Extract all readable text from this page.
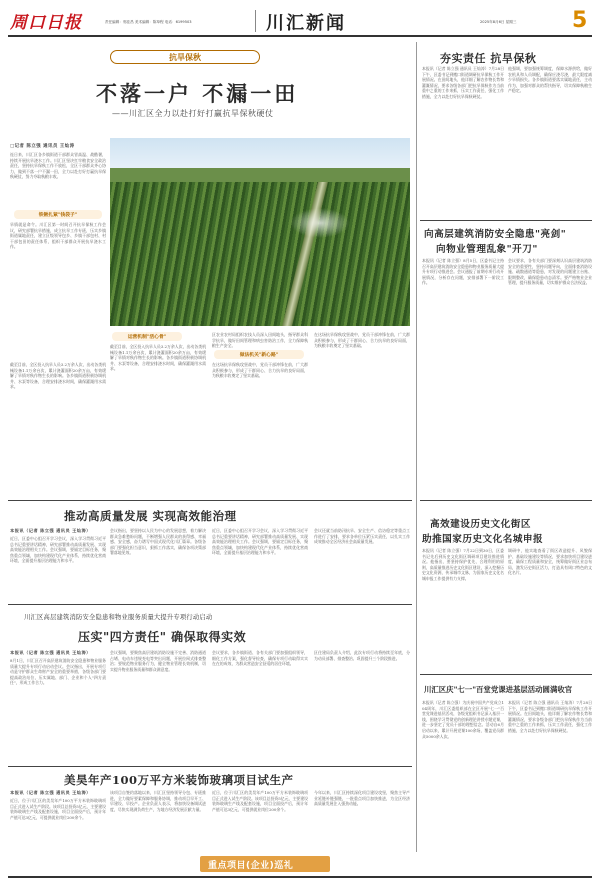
周口日报	责任编辑：郭佳昌 美术编辑：陈草程 电话：6199503	川汇新闻	2025年8月6日 星期三	5
抗旱保秋
不落一户 不漏一田
——川汇区全力以赴打好打赢抗旱保秋硬仗
□记者 陈立强 通讯员 王灿涛
连日来，川汇区各乡镇街道干部群众冒高温、战酷暑，持续开展抗旱浇水工作。川汇区坚决扛牢粮食安全政治责任，坚持抗旱保秋工作不放松，全区干部群众齐心协力，做到不落一户不漏一田，全力以赴打好打赢抗旱保秋硬仗，努力夺取秋粮丰收。
铁锹扎紧"钱袋子"
旱情就是命令。川汇区第一时间召开抗旱保秋工作会议，研究部署抗旱措施，成立抗旱工作专班，压实乡镇街道属地责任，建立区级领导包乡、乡镇干部包村、村干部包田的责任体系，组织干部群众开展抗旱浇水工作。
截至目前，全区投入抗旱人员3.2万余人次，出动各类机械设备1.1万余台次，累计浇灌面积20余万亩，有效缓解了旱情对秋作物生长的影响。各乡镇街道积极协调机井、水泵等设备，合理安排浇水时间，确保灌溉用水需求。
运营机制"活心骨"
截至目前，全区投入抗旱人员3.2万余人次，出动各类机械设备1.1万余台次，累计浇灌面积20余万亩，有效缓解了旱情对秋作物生长的影响。各乡镇街道积极协调机井、水泵等设备，合理安排浇水时间，确保灌溉用水需求。
区农业农村局组织农技人员深入田间地头，指导群众科学抗旱，做好田间管理和病虫害防治工作，全力保障秋粮生产安全。
做法机关"新心路"
在这场抗旱保秋攻坚战中，党员干部冲锋在前，广大群众积极参与，形成了干群同心、合力抗旱的良好局面，为秋粮丰收奠定了坚实基础。
在这场抗旱保秋攻坚战中，党员干部冲锋在前，广大群众积极参与，形成了干群同心、合力抗旱的良好局面，为秋粮丰收奠定了坚实基础。
夯实责任 抗旱保秋
本报讯（记者 陈立强 通讯员 王灿涛）7月28日下午，区委书记到搬口街道调研抗旱保秋工作开展情况。在田间地头，他详细了解农作物长势和灌溉情况，要求各级各部门把抗旱保秋作为当前重中之重的工作来抓，压实工作责任，强化工作措施，全力以赴打好抗旱保秋硬仗。
他强调，要加强统筹调度，保障水源供给，做好农机具和人员调配，确保应浇尽浇，最大限度减少旱情损失。各乡镇街道要落实属地责任，主动作为，加强对群众的帮扶指导，切实保障秋粮生产稳定。
向高层建筑消防安全隐患"亮剑"
向物业管理乱象"开刀"
本报讯（记者 陈立强）8月5日，区委书记主持召开高层建筑消防安全隐患和物业服务质量大提升专项行动推进会。会议通报了前期专项行动开展情况，分析存在问题，安排部署下一阶段工作。
会议要求，各有关部门要深刻认识高层建筑消防安全的重要性，坚持问题导向，全面排查消防设施、疏散通道等隐患，对发现的问题建立台账、限期整改，确保隐患动态清零。要严格物业企业管理，提升服务质量，切实维护群众合法权益。
高效建设历史文化街区
助推国家历史文化名城申报
本报讯（记者 陈立强）7月22日到30日，区委书记先后到历史文化街区调研项目建设推进情况。他指出，要坚持保护优先、合理利用的原则，高质量推进历史文化街区建设，深入挖掘历史文化资源，传承城市文脉，为国家历史文化名城申报工作提供有力支撑。
调研中，他实地查看了街区改造提升、风貌保护、基础设施建设等情况，要求加快项目建设进度，确保工程质量和安全，统筹做好街区业态布局，激发历史街区活力，打造具有周口特色的文化名片。
川汇区庆"七一"百堂党课进基层活动圆满收官
本报讯（记者 陈立强）为庆祝中国共产党成立104周年，川汇区委组织部在全区开展"七一"百堂党课进基层活动，各级党组织书记深入基层一线，围绕学习贯彻党的创新理论讲授专题党课，进一步坚定了党员干部的理想信念。活动自6月启动以来，累计开展党课100余场，覆盖党员群众5000余人次。
本报讯（记者 陈立强 通讯员 王灿涛）7月28日下午，区委书记到搬口街道调研抗旱保秋工作开展情况。在田间地头，他详细了解农作物长势和灌溉情况，要求各级各部门把抗旱保秋作为当前重中之重的工作来抓，压实工作责任，强化工作措施，全力以赴打好抗旱保秋硬仗。
推动高质量发展 实现高效能治理
本报讯（记者 陈立强 通讯员 王灿涛）
近日，区委中心组召开学习会议，深入学习贯彻习近平总书记重要讲话精神，研究部署推动高质量发展、实现高效能治理相关工作。会议强调，要锚定目标任务，聚焦重点领域，加快构建现代化产业体系，持续优化营商环境，全面提升基层治理能力和水平。
会议指出，要坚持以人民为中心的发展思想，着力解决群众急难愁盼问题，不断增强人民群众的获得感、幸福感、安全感，奋力谱写中国式现代化川汇篇章。各级各部门要强化担当意识，狠抓工作落实，确保各项决策部署落地见效。
近日，区委中心组召开学习会议，深入学习贯彻习近平总书记重要讲话精神，研究部署推动高质量发展、实现高效能治理相关工作。会议强调，要锚定目标任务，聚焦重点领域，加快构建现代化产业体系，持续优化营商环境，全面提升基层治理能力和水平。
会议还就当前防汛抗旱、安全生产、信访稳定等重点工作进行了安排，要求各单位压紧压实责任，以扎实工作成效推动全区经济社会高质量发展。
川汇区高层建筑消防安全隐患和物业服务质量大提升专项行动启动
压实"四方责任" 确保取得实效
本报讯（记者 陈立强 通讯员 王灿涛）
8月1日，川汇区召开高层建筑消防安全隐患和物业服务质量大提升专项行动启动会议。会议指出，开展专项行动是守护群众生命财产安全的重要举措，各级各部门要提高政治站位，压实属地、部门、企业和个人"四方责任"，形成工作合力。
会议强调，要聚焦高层建筑消防设施不完善、消防通道占堵、电动车违规充电等突出问题，开展拉网式排查整治；要规范物业服务行为，健全物业管理长效机制，切实提升物业服务质量和群众满意度。
会议要求，各乡镇街道、各有关部门要加强组织领导，细化工作方案，强化督导检查，确保专项行动取得实实在在的成效，为群众营造安全舒适的居住环境。
区住建局负责人介绍，此次专项行动将持续至年底，分为动员部署、排查整治、巩固提升三个阶段推进。
美昊年产100万平方米装饰玻璃项目试生产
本报讯（记者 陈立强 通讯员 王灿涛）
近日，位于川汇区的美昊年产100万平方米装饰玻璃项目正式进入试生产阶段。该项目总投资5亿元，主要建设装饰玻璃生产线及配套设施，项目全面投产后，预计年产值可达3亿元，可提供就业岗位200余个。
该项目自签约落地以来，川汇区坚持领导分包、专班推进，全力做好要素保障和服务协调，推动项目早开工、早建设、早投产。企业负责人表示，将加快设备调试进度，尽快实现满负荷生产，为地方经济发展贡献力量。
近日，位于川汇区的美昊年产100万平方米装饰玻璃项目正式进入试生产阶段。该项目总投资5亿元，主要建设装饰玻璃生产线及配套设施，项目全面投产后，预计年产值可达3亿元，可提供就业岗位200余个。
今年以来，川汇区持续深化项目建设攻坚，聚焦主导产业延链补链强链，一批重点项目加快推进，为全区经济高质量发展注入强劲动能。
重点项目(企业)巡礼
